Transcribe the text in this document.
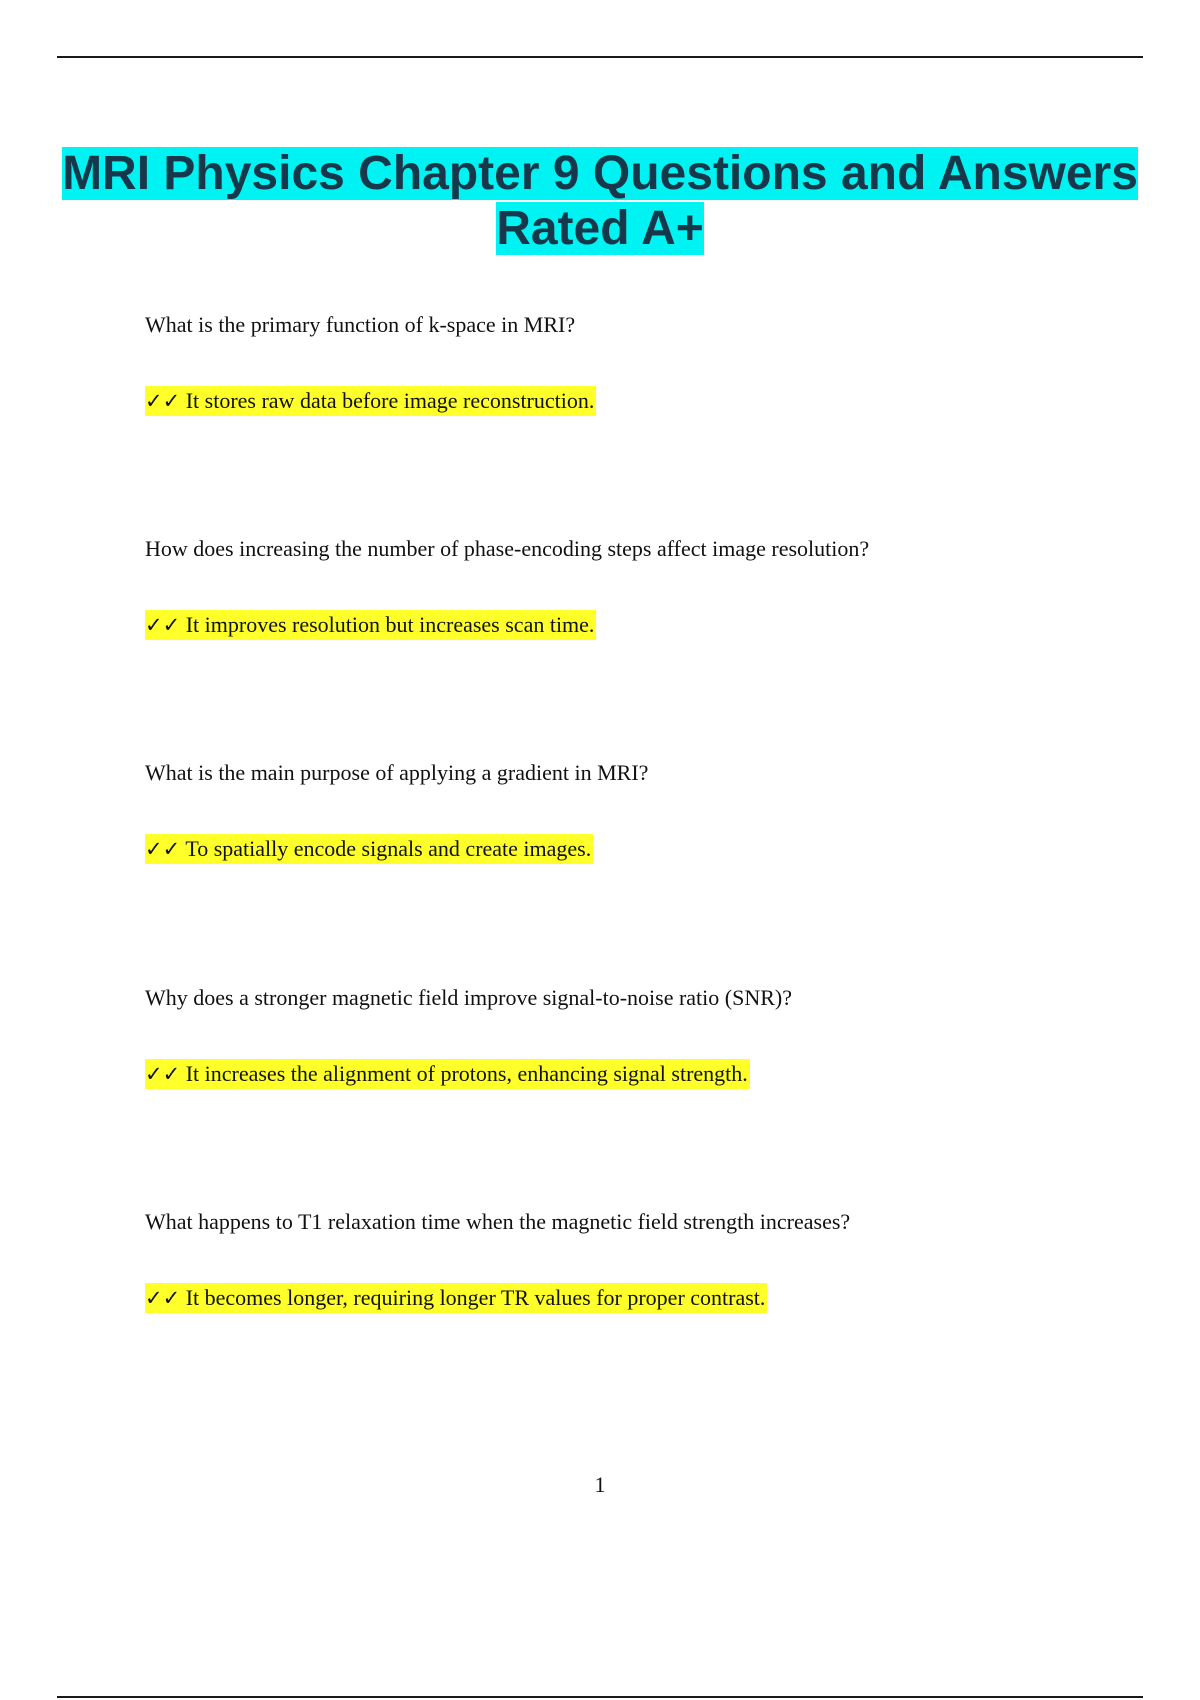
MRI Physics Chapter 9 Questions and Answers Rated A+
What is the primary function of k-space in MRI?
✓✓ It stores raw data before image reconstruction.
How does increasing the number of phase-encoding steps affect image resolution?
✓✓ It improves resolution but increases scan time.
What is the main purpose of applying a gradient in MRI?
✓✓ To spatially encode signals and create images.
Why does a stronger magnetic field improve signal-to-noise ratio (SNR)?
✓✓ It increases the alignment of protons, enhancing signal strength.
What happens to T1 relaxation time when the magnetic field strength increases?
✓✓ It becomes longer, requiring longer TR values for proper contrast.
1
